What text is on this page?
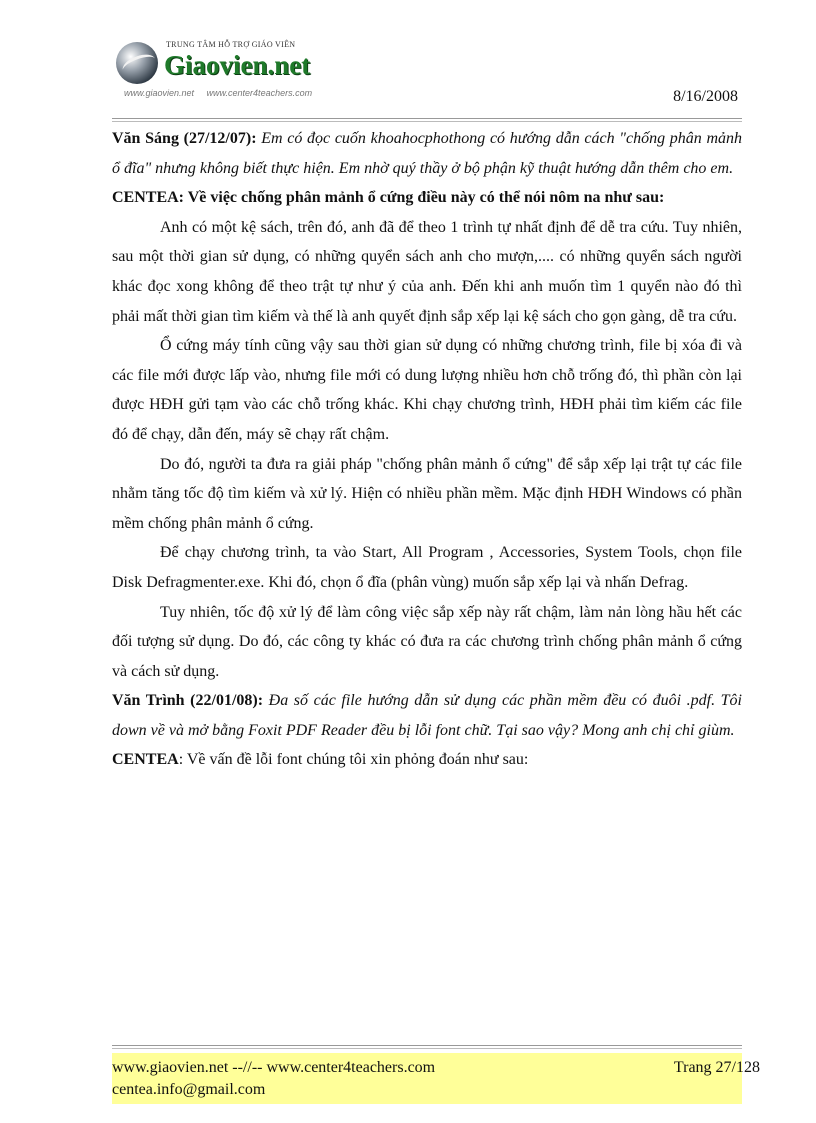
TRUNG TÂM HỖ TRỢ GIÁO VIÊN
Giaovien.net
www.giaovien.net www.center4teachers.com	8/16/2008

Văn Sáng (27/12/07): Em có đọc cuốn khoahocphothong có hướng dẫn cách "chống phân mảnh ổ đĩa" nhưng không biết thực hiện. Em nhờ quý thầy ở bộ phận kỹ thuật hướng dẫn thêm cho em.

CENTEA: Về việc chống phân mảnh ổ cứng điều này có thể nói nôm na như sau:

Anh có một kệ sách, trên đó, anh đã để theo 1 trình tự nhất định để dễ tra cứu. Tuy nhiên, sau một thời gian sử dụng, có những quyển sách anh cho mượn,.... có những quyển sách người khác đọc xong không để theo trật tự như ý của anh. Đến khi anh muốn tìm 1 quyển nào đó thì phải mất thời gian tìm kiếm và thế là anh quyết định sắp xếp lại kệ sách cho gọn gàng, dễ tra cứu.

Ổ cứng máy tính cũng vậy sau thời gian sử dụng có những chương trình, file bị xóa đi và các file mới được lấp vào, nhưng file mới có dung lượng nhiều hơn chỗ trống đó, thì phần còn lại được HĐH gửi tạm vào các chỗ trống khác. Khi chạy chương trình, HĐH phải tìm kiếm các file đó để chạy, dẫn đến, máy sẽ chạy rất chậm.

Do đó, người ta đưa ra giải pháp "chống phân mảnh ổ cứng" để sắp xếp lại trật tự các file nhằm tăng tốc độ tìm kiếm và xử lý. Hiện có nhiều phần mềm. Mặc định HĐH Windows có phần mềm chống phân mảnh ổ cứng.

Để chạy chương trình, ta vào Start, All Program , Accessories, System Tools, chọn file Disk Defragmenter.exe. Khi đó, chọn ổ đĩa (phân vùng) muốn sắp xếp lại và nhấn Defrag.

Tuy nhiên, tốc độ xử lý để làm công việc sắp xếp này rất chậm, làm nản lòng hầu hết các đối tượng sử dụng. Do đó, các công ty khác có đưa ra các chương trình chống phân mảnh ổ cứng và cách sử dụng.

Văn Trình (22/01/08): Đa số các file hướng dẫn sử dụng các phần mềm đều có đuôi .pdf. Tôi down về và mở bằng Foxit PDF Reader đều bị lỗi font chữ. Tại sao vậy? Mong anh chị chỉ giùm.

CENTEA: Về vấn đề lỗi font chúng tôi xin phỏng đoán như sau:

www.giaovien.net --//-- www.center4teachers.com
centea.info@gmail.com
Trang 27/128
